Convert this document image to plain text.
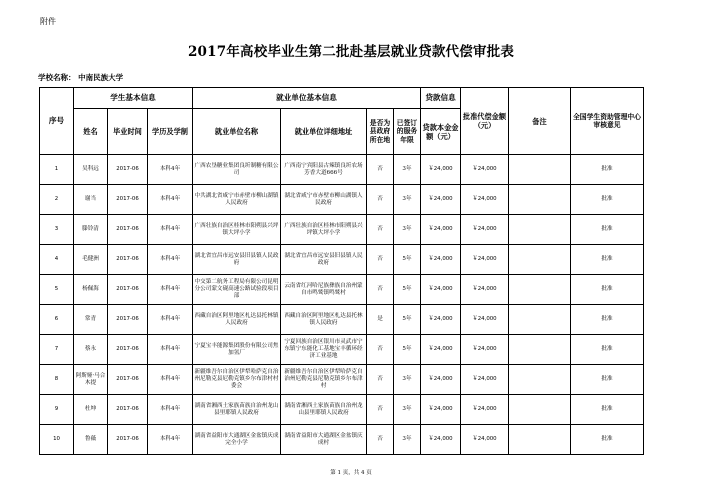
附件
2017年高校毕业生第二批赴基层就业贷款代偿审批表
学校名称： 中南民族大学
序号	学生基本信息			就业单位基本信息				贷款信息	批准代偿金额（元）	备注	全国学生资助管理中心审核意见
	姓名	毕业时间	学历及学制	就业单位名称	就业单位详细地址	是否为县政府所在地	已签订的服务年限	贷款本金金额（元）			
1	吴科远	2017-06	本科4年	广西农垦糖业集团良圻制糖有限公司	广西南宁宾阳县古辣镇良圻农场芳香大道666号	否	3年	￥24,000	￥24,000		批准
2	谢当	2017-06	本科4年	中共湖北省咸宁市赤壁市柳山湖镇人民政府	湖北省咸宁市赤壁市柳山湖镇人民政府	否	3年	￥24,000	￥24,000		批准
3	滕铃清	2017-06	本科4年	广西壮族自治区桂林市阳朔县兴坪镇大坪小学	广西壮族自治区桂林市阳朔县兴坪镇大坪小学	否	3年	￥24,000	￥24,000		批准
4	毛健洲	2017-06	本科4年	湖北省宜昌市远安县旧县镇人民政府	湖北省宜昌市远安县旧县镇人民政府	否	5年	￥24,000	￥24,000		批准
5	杨佩海	2017-06	本科4年	中交第二航务工程局有限公司昆明分公司蒙文砚高速公路试验段项目部	云南省红河哈尼族彝族自治州蒙自市鸣鹫镇鸣鹫村	否	5年	￥24,000	￥24,000		批准
6	常青	2017-06	本科4年	西藏自治区阿里地区札达县托林镇人民政府	西藏自治区阿里地区札达县托林镇人民政府	是	5年	￥24,000	￥24,000		批准
7	蔡永	2017-06	本科4年	宁夏宝丰能源集团股份有限公司焦加氢厂	宁夏回族自治区银川市灵武市宁东镇宁东能化工基地宝丰循环经济工业基地	否	5年	￥24,000	￥24,000		批准
8	阿斯娅·马合木提	2017-06	本科4年	新疆维吾尔自治区伊犁哈萨克自治州尼勒克县尼勒克镇乡尔布津村村委会	新疆维吾尔自治区伊犁哈萨克自治州尼勒克县尼勒克镇乡尔布津村	否	3年	￥24,000	￥24,000		批准
9	杜坤	2017-06	本科4年	湖南省湘西土家族苗族自治州龙山县里耶镇人民政府	湖南省湘西土家族苗族自治州龙山县里耶镇人民政府	否	3年	￥24,000	￥24,000		批准
10	鲁薇	2017-06	本科4年	湖南省益阳市大通湖区金盆镇庆成完全小学	湖南省益阳市大通湖区金盆镇庆成村	否	3年	￥24,000	￥24,000		批准
第 1 页，共 4 页
